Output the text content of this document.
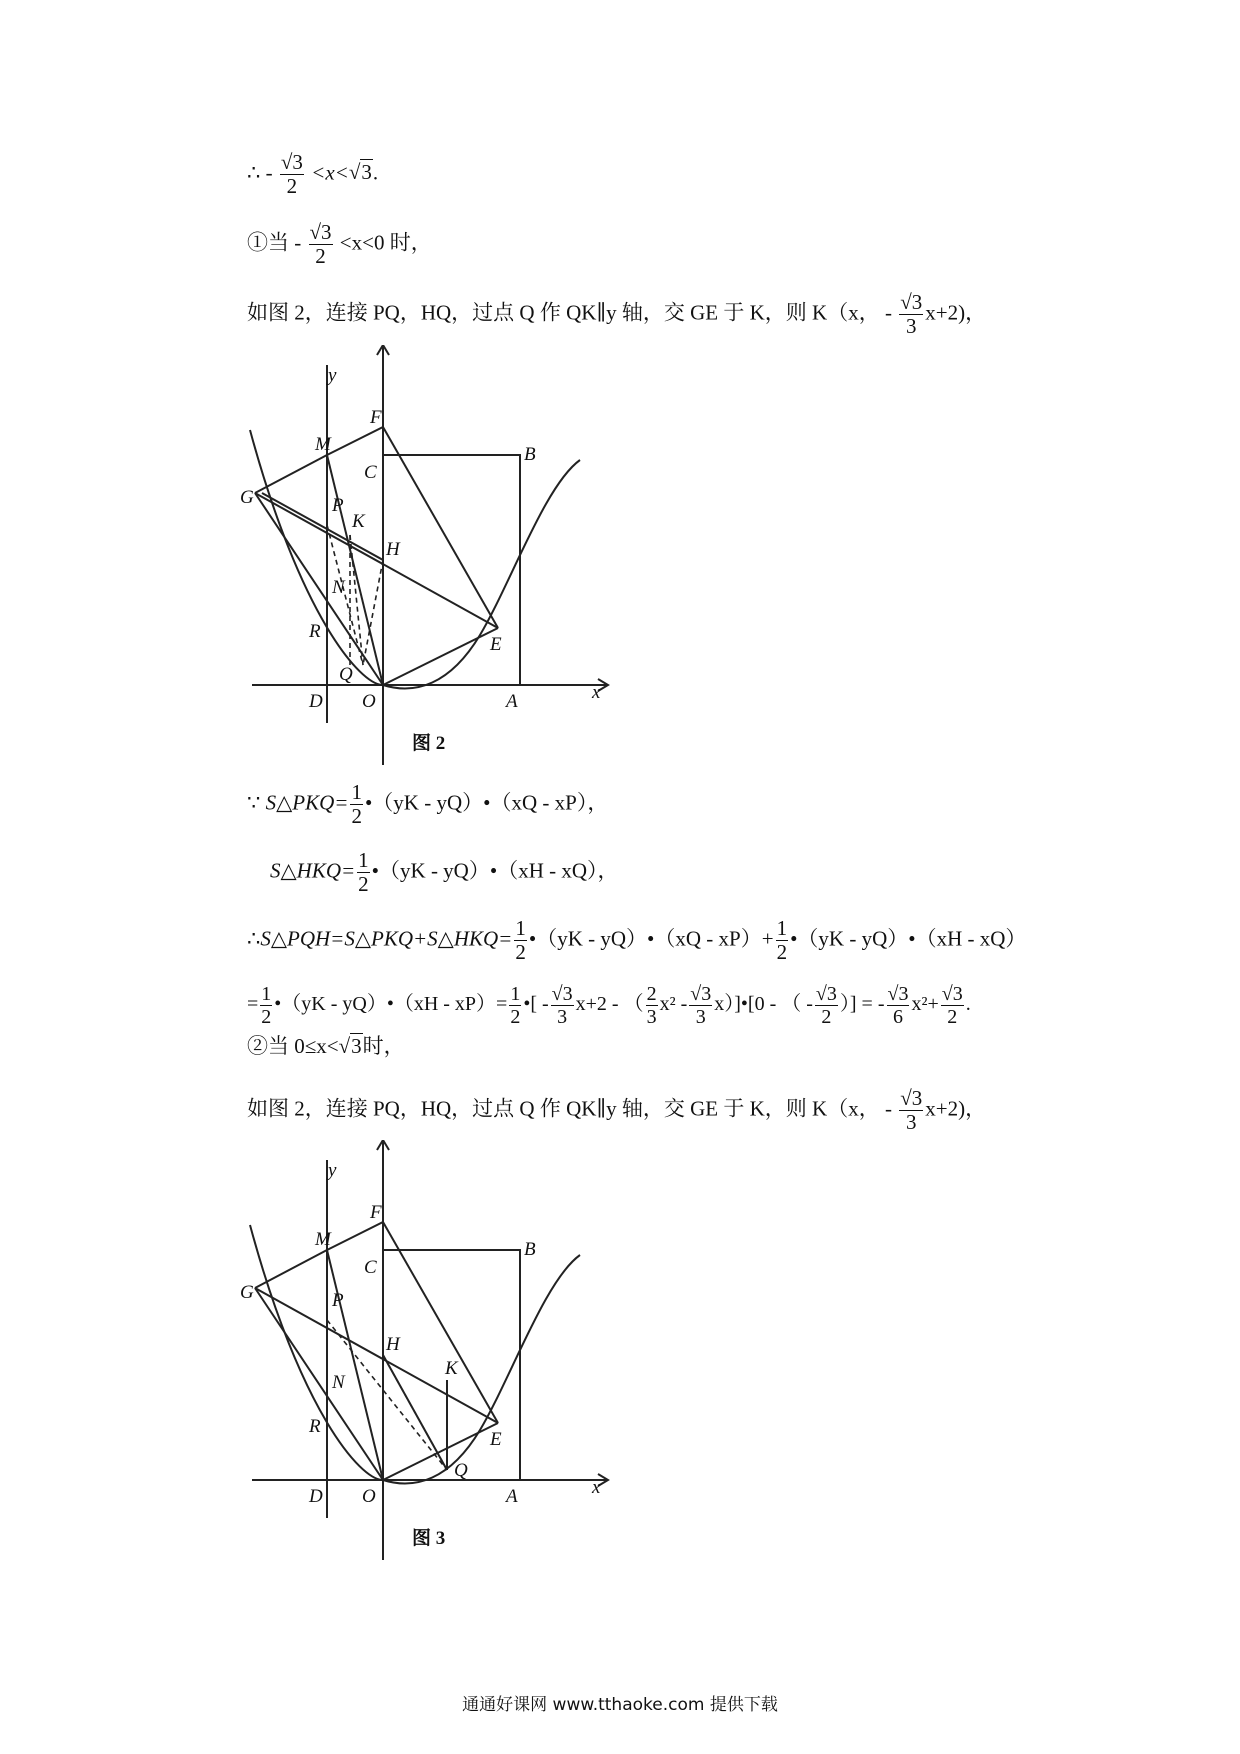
∴ - $\frac{√3}{2} <x<√3$.
①当 - $\frac{√3}{2} <x<0$ 时，
如图 2，连接 PQ，HQ，过点 Q 作 QK∥y 轴，交 GE 于 K，则 K（x， - $\frac{√3}{3} x+2$)，
y
x
F
M
C
B
G	P
K
H
N
E
R
Q
D O	A
图 2
∵ S△PKQ= $\frac{1}{2}$ •（yK - yQ）•（xQ - xP），
S△HKQ= $\frac{1}{2}$ •（yK - yQ）•（xH - xQ），
∴S△PQH=S△PKQ+S△HKQ= $\frac{1}{2}$ •（yK - yQ）•（xQ - $xP)+ \frac{1}{2}$ •（yK - yQ）•（xH - xQ）
= $\frac{1}{2}$ •（yK - yQ）•（xH - $xP)= \frac{1}{2}$ •[ - $\frac{√3}{3} x+2$ - （ $\frac{2}{3} x^2 - \frac{√3}{3}$ x）]•[0 - （ - $\frac{√3}{2}$ ）] = - $\frac{√3}{6} x^2+ \frac{√3}{2}$ .
②当 0≤x<√3时，
如图 2，连接 PQ，HQ，过点 Q 作 QK∥y 轴，交 GE 于 K，则 K（x， - $\frac{√3}{3} x+2$)，
y
x
F
M
C
B
G	P
H
K
N
E
R
Q
D O	A
图 3
通通好课网 www.tthaoke.com 提供下载
